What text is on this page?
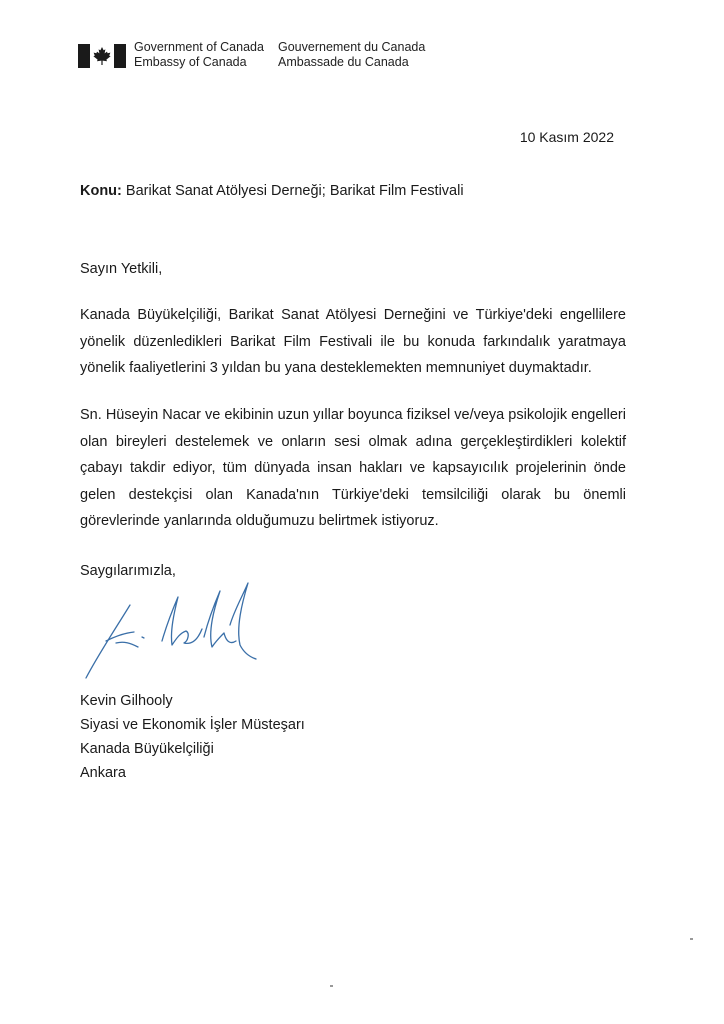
Government of Canada
Embassy of Canada
Gouvernement du Canada
Ambassade du Canada
10 Kasım 2022
Konu: Barikat Sanat Atölyesi Derneği; Barikat Film Festivali
Sayın Yetkili,
Kanada Büyükelçiliği, Barikat Sanat Atölyesi Derneğini ve Türkiye'deki engellilere yönelik düzenledikleri Barikat Film Festivali ile bu konuda farkındalık yaratmaya yönelik faaliyetlerini 3 yıldan bu yana desteklemekten memnuniyet duymaktadır.
Sn. Hüseyin Nacar ve ekibinin uzun yıllar boyunca fiziksel ve/veya psikolojik engelleri olan bireyleri destelemek ve onların sesi olmak adına gerçekleştirdikleri kolektif çabayı takdir ediyor, tüm dünyada insan hakları ve kapsayıcılık projelerinin önde gelen destekçisi olan Kanada'nın Türkiye'deki temsilciliği olarak bu önemli görevlerinde yanlarında olduğumuzu belirtmek istiyoruz.
Saygılarımızla,
Kevin Gilhooly
Siyasi ve Ekonomik İşler Müsteşarı
Kanada Büyükelçiliği
Ankara
